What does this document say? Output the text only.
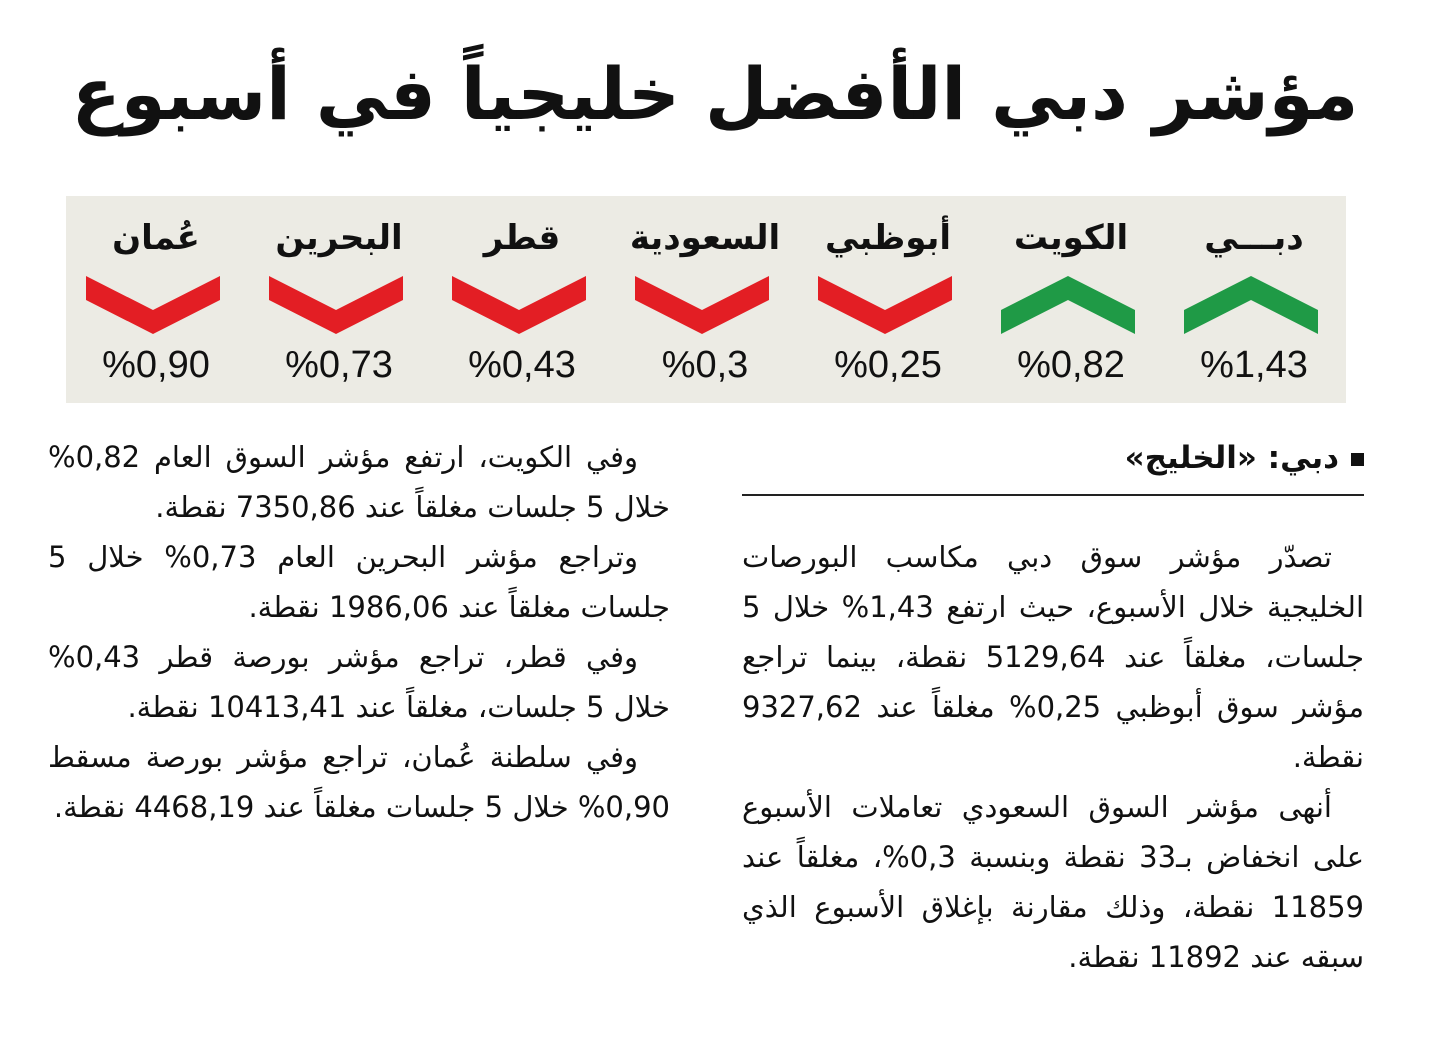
مؤشر دبي الأفضل خليجياً في أسبوع
دبـــي
%1,43
الكويت
%0,82
أبوظبي
%0,25
السعودية
%0,3
قطر
%0,43
البحرين
%0,73
عُمان
%0,90
دبي: «الخليج»

تصدّر مؤشر سوق دبي مكاسب البورصات الخليجية خلال الأسبوع، حيث ارتفع 1,43% خلال 5 جلسات، مغلقاً عند 5129,64 نقطة، بينما تراجع مؤشر سوق أبوظبي 0,25% مغلقاً عند 9327,62 نقطة.

أنهى مؤشر السوق السعودي تعاملات الأسبوع على انخفاض بـ33 نقطة وبنسبة 0,3%، مغلقاً عند 11859 نقطة، وذلك مقارنة بإغلاق الأسبوع الذي سبقه عند 11892 نقطة.

وفي الكويت، ارتفع مؤشر السوق العام 0,82% خلال 5 جلسات مغلقاً عند 7350,86 نقطة.

وتراجع مؤشر البحرين العام 0,73% خلال 5 جلسات مغلقاً عند 1986,06 نقطة.

وفي قطر، تراجع مؤشر بورصة قطر 0,43% خلال 5 جلسات، مغلقاً عند 10413,41 نقطة.

وفي سلطنة عُمان، تراجع مؤشر بورصة مسقط 0,90% خلال 5 جلسات مغلقاً عند 4468,19 نقطة.
